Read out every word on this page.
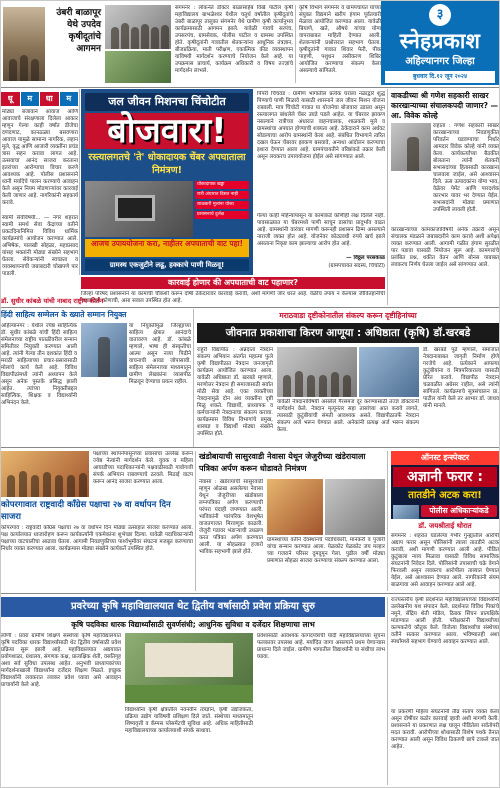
उंबरी बाळापूर येथे उपदेव कृषीदूतांचे आगमन
संगमनेर : लोकनेते डॉक्टर बाळासाहेब विखे पाटील कृषी महाविद्यालय बाभळेश्वर येथील चतुर्थ वर्षातील कृषीदूतांचे उंबरी बाळापूर तालुका संगमनेर येथे ग्रामीण कृषी कार्यानुभव कार्यक्रमासाठी आगमन झाले. यावेळी गावचे सरपंच, उपसरपंच, ग्रामसेवक, पोलीस पाटील व ग्रामस्थ उपस्थित होते. कृषीदूतांनी गावातील शेतकऱ्यांना आधुनिक तंत्रज्ञान, बीजप्रक्रिया, माती परीक्षण, एकात्मिक कीड व्यवस्थापन याविषयी मार्गदर्शन करण्याचे नियोजन केले आहे. या उपक्रमास प्राचार्य, कार्यक्रम अधिकारी व विषय तज्ज्ञांचे मार्गदर्शन लाभले.
कृषि विभाग संगमनेर व ग्रामपंचायत यांच्या संयुक्त विद्यमाने खरीप हंगाम पूर्वतयारी मेळावा आयोजित करण्यात आला. यावेळी बियाणे, खते, औषधे यांच्या योग्य वापराबाबत माहिती देण्यात आली. शेतकऱ्यांनी प्रश्नोत्तरात सहभाग घेतला. कृषीदूतांनी गावात शिवार फेरी, पीक पाहणी, पशुधन लसीकरण शिबिर आयोजित करण्याचा संकल्प केला असल्याचे सांगितले.
३
स्नेहप्रकाश
अहिल्यानगर जिल्हा
बुधवार दि.१२ जून २०२४
धू	म	धा	म
मोठ्या बजावाने आवाज आणि आवाजाचे संरक्षणाला दिलेला आकार म्हणून गेल्या काही वर्षांत डीजेचा दणदणाट, कानठळ्या बसवणारा आवाज यामुळे सामान्य नागरिक, लहान मुले, वृद्ध आणि आजारी व्यक्तींना प्रचंड त्रास सहन करावा लागत आहे. उत्सवाचा आनंद साजरा करताना इतरांच्या आरोग्याचा विचार करणे आवश्यक आहे. पोलीस प्रशासनाने ध्वनी मर्यादेचे पालन करण्याचे आवाहन केले असून नियम मोडणाऱ्यांवर कारवाई केली जाणार आहे. नागरिकांनी सहकार्य करावे.
स्वामी सेवेविषयी... — नगर शहरात स्वामी समर्थ सेवा केंद्राच्या वतीने प्रकटदिनानिमित्त विविध धार्मिक कार्यक्रमांचे आयोजन करण्यात आले. अभिषेक, पालखी सोहळा, महाप्रसाद यांसह भक्तांनी मोठ्या संख्येने सहभाग घेतला. सेवेकऱ्यांनी स्वच्छता व व्यवस्थापनाची जबाबदारी चोखपणे पार पाडली.
जल जीवन मिशनचा चिंचोटीत
बोजवारा!
रस्त्यालगतचे 'ते' धोकादायक चेंबर अपघाताला निमंत्रण!
धोकादायक खड्डा
रात्री अंधारात दिसत नाही
शाळकरी मुलांना धोका
प्रशासनाचे दुर्लक्ष
आजच उपाययोजना करा, नाहीतर अपघाताची वाट पहा!
ग्रामस्थ एकजुटीने लढू, हक्काचे पाणी मिळवू!
पिंपरी चिंचवड : ग्रामीण भागातील प्रत्येक घराला नळाद्वारे शुद्ध पिण्याचे पाणी मिळावे यासाठी शासनाने जल जीवन मिशन योजना राबवली. मात्र चिंचोटी गावात या योजनेचा बोजवारा उडाला असून रस्त्यालगत बांधलेले चेंबर उघडे पडले आहेत. या चेंबरवर झाकण नसल्याने रात्रीच्या अंधारात वाहनचालक, शाळकरी मुले व ग्रामस्थांचा अपघात होण्याची शक्यता आहे. ठेकेदाराने काम अर्धवट सोडल्याचा आरोप ग्रामस्थांनी केला आहे. संबंधित विभागाने त्वरित दखल घेऊन चेंबरवर झाकण बसवावे, अन्यथा आंदोलन करण्याचा इशारा देण्यात आला आहे. ग्रामपंचायतीने वरिष्ठांकडे तक्रार केली असून लवकरच उपाययोजना होईल असे सांगण्यात आले.
गेल्या काही महिन्यांपासून या कामाकडे कोणीही लक्ष दिलेले नाही. पावसाळ्यात या चेंबरमध्ये पाणी साचून डासांचा प्रादुर्भाव वाढत आहे. ग्रामस्थांनी वारंवार मागणी करूनही प्रशासन ढिम्म असल्याने नाराजी व्यक्त होत आहे. योजनेवर कोट्यवधी रुपये खर्च झाले असताना निकृष्ट काम झाल्याचा आरोप होत आहे.
— विठ्ठल परसकाळ
(ग्रामपंचायत सदस्य, चिंचोटी)
कारवाई होणार की अपघाताची वाट पहाणार?
जिल्हा परिषद प्रशासनाने या कामाची चौकशी करून दोषी ठेकेदारावर कारवाई करावी, अशी मागणी जोर धरत आहे. वेळीच उपाय न केल्यास जीवितहानीची जबाबदारी कोणाची, असा सवाल उपस्थित होत आहे.
वाकडीच्या श्री गणेश सहकारी साखर कारखान्याच्या संचालकपदी जाणार? — आ. विवेक कोल्हे
राहाता : गणेश सहकारी साखर कारखान्याच्या निवडणुकीत परिवर्तन घडवण्याचा निर्धार आमदार विवेक कोल्हे यांनी व्यक्त केला. कार्यकर्त्यांच्या बैठकीत बोलताना त्यांनी शेतकरी सभासदांच्या हितासाठी कारखाना चालवला जाईल, असे आश्वासन दिले. ऊस उत्पादकांना योग्य भाव, वेळेवर पेमेंट आणि पारदर्शक कारभार यावर भर देण्यात येईल. सभासदांनी मोठ्या प्रमाणात उपस्थिती लावली होती.
कारखान्याच्या कामकाजाविषयी अनेक तक्रारी असून संचालक मंडळाने जबाबदारीने काम करावे अशी अपेक्षा व्यक्त करण्यात आली. आगामी गळीत हंगाम सुरळीत पार पडावा यासाठी नियोजन सुरू आहे. कामगारांचे प्रलंबित प्रश्न, थकीत वेतन आणि बोनस याबाबत लवकरच निर्णय घेतला जाईल असे सांगण्यात आले.
डॉ. सुधीर कांबळे यांची नाबाद राष्ट्रीय कीर्तन
हिंदी साहित्य सम्मेलन के ख्याते सम्मान नियुक्त
अहिल्यानगर : येथील ज्येष्ठ साहित्यिक डॉ. सुधीर कांबळे यांची हिंदी साहित्य संमेलनाच्या राष्ट्रीय पातळीवरील सन्मान समितीवर नियुक्ती करण्यात आली आहे. त्यांनी गेल्या तीन दशकांत हिंदी व मराठी साहित्याच्या प्रचार-प्रसारासाठी मोलाचे कार्य केले आहे. विविध विद्यापीठांमध्ये त्यांनी अध्यापन केले असून अनेक पुस्तके प्रसिद्ध झाली आहेत. त्यांच्या नियुक्तीबद्दल साहित्यिक, शिक्षक व विद्यार्थ्यांनी अभिनंदन केले.
या नियुक्तीमुळे जिल्ह्याच्या साहित्य क्षेत्रात आनंदाचे वातावरण आहे. डॉ. कांबळे म्हणाले, भाषा ही संस्कृतीचा आत्मा असून नव्या पिढीने वाचनाची आवड जोपासावी. साहित्य संमेलनाच्या माध्यमातून ग्रामीण लेखकांना व्यासपीठ मिळवून देण्याचा प्रयत्न राहील.
मराठवाडा दृष्टीकोनातील संकल्प करून दृष्टीहिनांच्या
जीवनात प्रकाशाचा किरण आणूया : अधिष्ठाता (कृषि) डॉ.खरबडे
राहुरी विद्यापीठ : अन्नदाता नेत्रदान संकल्प अभियान अंतर्गत महात्मा फुले कृषी विद्यापीठात नेत्रदान जनजागृती कार्यक्रम आयोजित करण्यात आला. यावेळी अधिष्ठाता डॉ. खरबडे म्हणाले, मरणोत्तर नेत्रदान ही समाजासाठी सर्वात मोठी सेवा आहे. एका व्यक्तीच्या नेत्रदानामुळे दोन अंध व्यक्तींना दृष्टी मिळू शकते. विद्यार्थी, प्राध्यापक व कर्मचाऱ्यांनी नेत्रदानाचा संकल्प करावा. कार्यक्रमास विविध विभागांचे प्रमुख, शास्त्रज्ञ व विद्यार्थी मोठ्या संख्येने उपस्थित होते.
यावेळी नेत्रदानाविषयी असलेले गैरसमज दूर करण्यासाठी तज्ज्ञ डॉक्टरांनी मार्गदर्शन केले. नेत्रदान मृत्यूनंतर सहा तासांच्या आत करावे लागते, त्यासाठी कुटुंबीयांची संमती आवश्यक असते. विद्यापीठातर्फे नेत्रदान संकल्प अर्ज भरून घेण्यात आले. अनेकांनी प्रत्यक्ष अर्ज भरून संकल्प केला.
डॉ. खरबडे पुढे म्हणाले, समाजात नेत्रदानाबाबत जागृती निर्माण होणे गरजेचे आहे. प्रत्येकाने आपल्या कुटुंबीयांना व मित्रपरिवाराला यासाठी प्रेरित करावे. विद्यापीठ नेत्रदान चळवळीत अग्रेसर राहील, असे त्यांनी सांगितले. कार्यक्रमाचे सूत्रसंचालन प्रा. पाटील यांनी केले तर आभार डॉ. जाधव यांनी मानले.
पक्षाच्या स्थापनेपासूनच्या प्रवासाचा उल्लेख करून ज्येष्ठ नेत्यांनी मार्गदर्शन केले. युवक व महिला आघाडीच्या पदाधिकाऱ्यांनी पक्षवाढीसाठी गावोगावी संपर्क अभियान राबवण्याचे ठरवले. मिठाई वाटप करून आनंद साजरा करण्यात आला.
कोपरगावात राष्ट्रवादी काँग्रेस पक्षाचा २७ वा वर्धापन दिन साजरा
कोपरगाव : राष्ट्रवादी काँग्रेस पक्षाचा २७ वा वर्धापन दिन मोठ्या उत्साहात साजरा करण्यात आला. पक्ष कार्यालयात ध्वजारोहण करून कार्यकर्त्यांनी एकमेकांना शुभेच्छा दिल्या. यावेळी पदाधिकाऱ्यांनी पक्षाच्या वाटचालीचा आढावा घेतला. आगामी निवडणुकीच्या पार्श्वभूमीवर संघटना मजबूत करण्याचा निर्धार व्यक्त करण्यात आला. कार्यक्रमास मोठ्या संख्येने कार्यकर्ते उपस्थित होते.
खंडोबायाची सासुरवाडी नेवासा येथून जेजुरीच्या खंडेरायाला पत्रिका अर्पण करून धोडावते निमंत्रण
नेवासा : खंडेरायाची सासुरवाडी म्हणून ओळख असलेल्या नेवासा येथून जेजुरीच्या खंडोबाला लग्नपत्रिका अर्पण करण्याची परंपरा यंदाही जपण्यात आली. भाविकांनी पारंपरिक वेशभूषेत वाजतगाजत मिरवणूक काढली. जेजुरी गडावर भंडाऱ्याची उधळण करत पत्रिका अर्पण करण्यात आली. या सोहळ्यात हजारो भाविक सहभागी झाले होते.
ग्रामस्थांच्या वतीने देवस्थानचे पदाधिकारी, मानकरी व पुजारी यांचा सन्मान करण्यात आला. येळकोट येळकोट जय मल्हार च्या गजराने परिसर दुमदुमून गेला. पुढील वर्षी मोठ्या प्रमाणात सोहळा साजरा करण्याचा संकल्प करण्यात आला.
ऑनस्ट इन्स्पेक्टर
अज्ञानी फरार :
तातडीने अटक करा!
पोलीस अधिकाऱ्यांकडे
डॉ. जयश्रीताई थोरात
संगमनेर : शहरात घडलेल्या गंभीर गुन्ह्यातील आरोपी अद्याप फरार असून पोलिसांनी त्याला तातडीने अटक करावी, अशी मागणी करण्यात आली आहे. पीडित कुटुंबाला न्याय मिळावा यासाठी विविध सामाजिक संघटनांनी निवेदन दिले. पोलिसांनी तपासाची चक्रे वेगाने फिरवली असून लवकरच आरोपीला ताब्यात घेण्यात येईल, असे आश्वासन देण्यात आले. नागरिकांनी संयम बाळगावा असे आवाहन करण्यात आले आहे.
प्रवरेच्या कृषि महाविद्यालयात थेट द्वितीय वर्षासाठी प्रवेश प्रक्रिया सुरु
कृषि पदविका धारक विद्यार्थ्यांसाठी सुवर्णसंधी; आधुनिक सुविधा व दर्जेदार शिक्षणाचा लाभ
लोणी : प्रवरा ग्रामीण शिक्षण संस्थेच्या कृषि महाविद्यालयात कृषि पदविका धारक विद्यार्थ्यांसाठी थेट द्वितीय वर्षासाठी प्रवेश प्रक्रिया सुरू झाली आहे. महाविद्यालयात अद्ययावत प्रयोगशाळा, ग्रंथालय, संगणक कक्ष, प्रात्यक्षिक शेती, वसतिगृह अशा सर्व सुविधा उपलब्ध आहेत. अनुभवी प्राध्यापकांच्या मार्गदर्शनाखाली विद्यार्थ्यांना दर्जेदार शिक्षण मिळते. इच्छुक विद्यार्थ्यांनी लवकरात लवकर प्रवेश घ्यावा असे आवाहन प्राचार्यांनी केले आहे.
विद्यार्थ्यांना कृषी क्षेत्रातील नवनवीन तंत्रज्ञान, कृषी उद्योजकता, प्रक्रिया उद्योग याविषयी प्रशिक्षण दिले जाते. संस्थेच्या माध्यमातून शिष्यवृत्ती व कॅम्पस प्लेसमेंटची सुविधा आहे. अधिक माहितीसाठी महाविद्यालयाच्या कार्यालयाशी संपर्क साधावा.
प्रवेशासाठी आवश्यक कागदपत्रांची यादी महाविद्यालयाच्या सूचना फलकावर उपलब्ध आहे. मर्यादित जागा असल्याने प्रथम येणाऱ्यास प्राधान्य दिले जाईल. ग्रामीण भागातील विद्यार्थ्यांनी या संधीचा लाभ घ्यावा.
राज्यस्तरीय कृषी प्रदर्शनात महाविद्यालयाच्या विद्यार्थ्यांनी उल्लेखनीय यश संपादन केले. प्रदर्शनात विविध पिकांचे नमुने, सेंद्रिय शेती मॉडेल, ठिबक सिंचन प्रात्यक्षिके मांडण्यात आली होती. परीक्षकांनी विद्यार्थ्यांच्या कल्पकतेचे कौतुक केले. विजेत्या विद्यार्थ्यांचा संस्थेच्या वतीने सत्कार करण्यात आला. भविष्यातही अशा स्पर्धांमध्ये सहभाग घेण्याचे आवाहन करण्यात आले.
या प्रकरणी महिला संघटनांनी तीव्र संताप व्यक्त केला असून दोषींवर कठोर कारवाई व्हावी अशी मागणी केली. प्रशासनाने या प्रकरणात लक्ष घालून पीडितेला सर्वतोपरी मदत करावी. आरोपीच्या शोधासाठी विशेष पथके तैनात करण्यात आली असून विविध ठिकाणी छापे टाकले जात आहेत.
